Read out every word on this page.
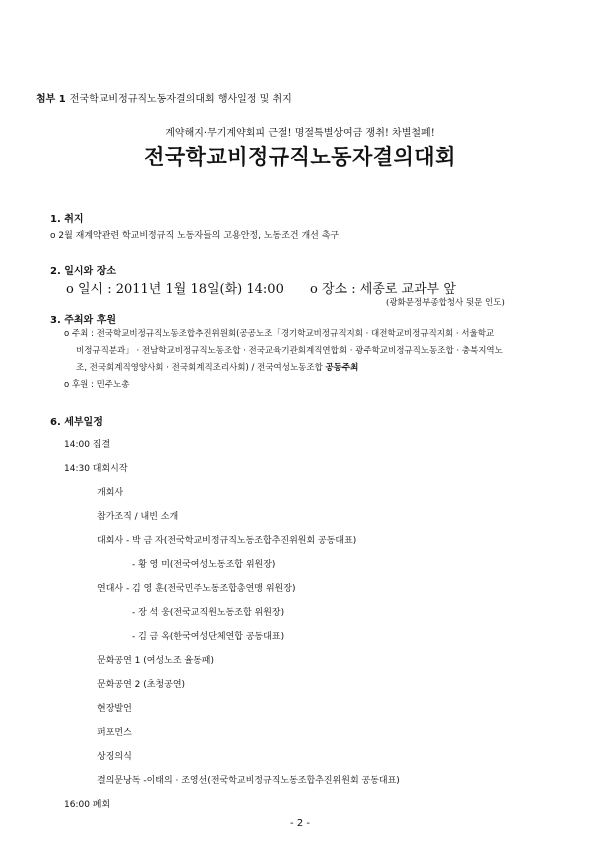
첨부 1 전국학교비정규직노동자결의대회 행사일정 및 취지
계약해지·무기계약회피 근절! 명절특별상여금 쟁취! 차별철폐!
전국학교비정규직노동자결의대회
1. 취지
o 2월 재계약관련 학교비정규직 노동자들의 고용안정, 노동조건 개선 촉구
2. 일시와 장소
o 일시 : 2011년 1월 18일(화) 14:00 o 장소 : 세종로 교과부 앞
(광화문정부종합청사 뒷문 인도)
3. 주최와 후원
o 주최 : 전국학교비정규직노동조합추진위원회(공공노조「경기학교비정규직지회 · 대전학교비정규직지회 · 서울학교
비정규직분과」 · 전남학교비정규직노동조합 · 전국교육기관회계직연합회 · 광주학교비정규직노동조합 · 충북지역노
조, 전국회계직영양사회 · 전국회계직조리사회) / 전국여성노동조합 공동주최
o 후원 : 민주노총
6. 세부일정
14:00 집결
14:30 대회시작
개회사
참가조직 / 내빈 소개
대회사 - 박 금 자(전국학교비정규직노동조합추진위원회 공동대표)
- 황 영 미(전국여성노동조합 위원장)
연대사 - 김 영 훈(전국민주노동조합총연맹 위원장)
- 장 석 웅(전국교직원노동조합 위원장)
- 김 금 옥(한국여성단체연합 공동대표)
문화공연 1 (여성노조 율동패)
문화공연 2 (초청공연)
현장발언
퍼포먼스
상징의식
결의문낭독 -이태의 · 조영선(전국학교비정규직노동조합추진위원회 공동대표)
16:00 폐회
- 2 -
